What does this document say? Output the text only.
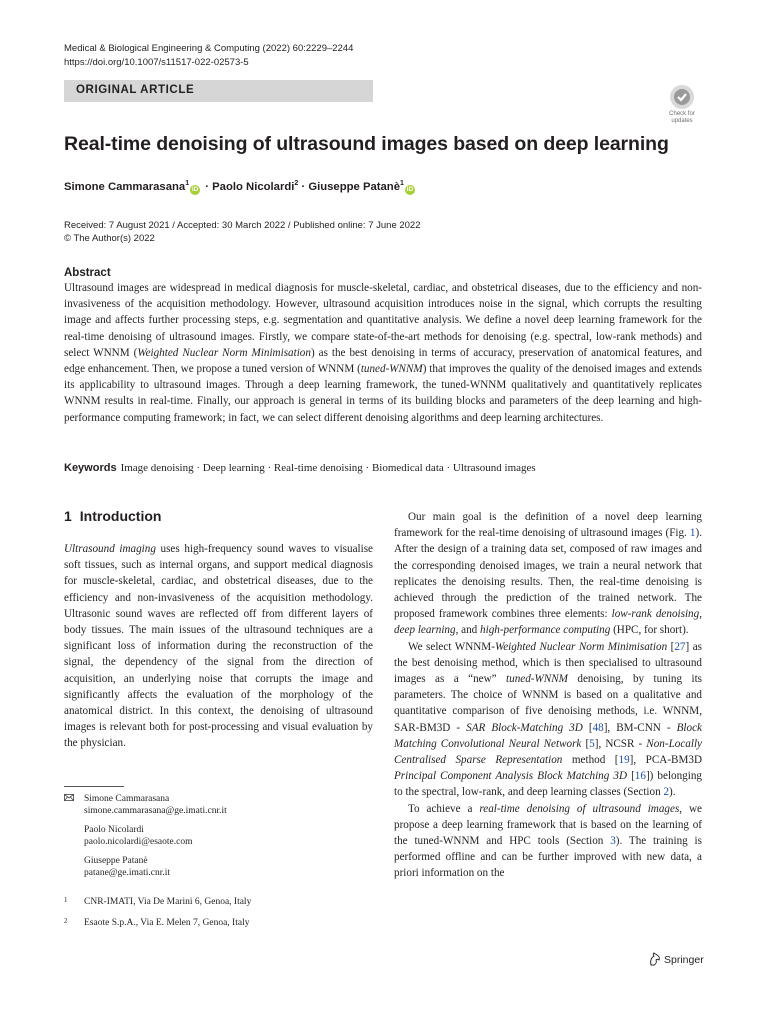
Medical & Biological Engineering & Computing (2022) 60:2229–2244
https://doi.org/10.1007/s11517-022-02573-5
ORIGINAL ARTICLE
Check for
updates
Real-time denoising of ultrasound images based on deep learning
Simone Cammarasana$^1$iD · Paolo Nicolardi$^2$ · Giuseppe Patanè$^1$iD
Received: 7 August 2021 / Accepted: 30 March 2022 / Published online: 7 June 2022
© The Author(s) 2022
Abstract
Ultrasound images are widespread in medical diagnosis for muscle-skeletal, cardiac, and obstetrical diseases, due to the efficiency and non-invasiveness of the acquisition methodology. However, ultrasound acquisition introduces noise in the signal, which corrupts the resulting image and affects further processing steps, e.g. segmentation and quantitative analysis. We define a novel deep learning framework for the real-time denoising of ultrasound images. Firstly, we compare state-of-the-art methods for denoising (e.g. spectral, low-rank methods) and select WNNM (Weighted Nuclear Norm Minimisation) as the best denoising in terms of accuracy, preservation of anatomical features, and edge enhancement. Then, we propose a tuned version of WNNM (tuned-WNNM) that improves the quality of the denoised images and extends its applicability to ultrasound images. Through a deep learning framework, the tuned-WNNM qualitatively and quantitatively replicates WNNM results in real-time. Finally, our approach is general in terms of its building blocks and parameters of the deep learning and high-performance computing framework; in fact, we can select different denoising algorithms and deep learning architectures.
Keywords Image denoising · Deep learning · Real-time denoising · Biomedical data · Ultrasound images
1 Introduction

Ultrasound imaging uses high-frequency sound waves to visualise soft tissues, such as internal organs, and support medical diagnosis for muscle-skeletal, cardiac, and obstetrical diseases, due to the efficiency and non-invasiveness of the acquisition methodology. Ultrasonic sound waves are reflected off from different layers of body tissues. The main issues of the ultrasound techniques are a significant loss of information during the reconstruction of the signal, the dependency of the signal from the direction of acquisition, an underlying noise that corrupts the image and significantly affects the evaluation of the morphology of the anatomical district. In this context, the denoising of ultrasound images is relevant both for post-processing and visual evaluation by the physician.

Our main goal is the definition of a novel deep learning framework for the real-time denoising of ultrasound images (Fig. 1). After the design of a training data set, composed of raw images and the corresponding denoised images, we train a neural network that replicates the denoising results. Then, the real-time denoising is achieved through the prediction of the trained network. The proposed framework combines three elements: low-rank denoising, deep learning, and high-performance computing (HPC, for short).

We select WNNM-Weighted Nuclear Norm Minimisation [27] as the best denoising method, which is then specialised to ultrasound images as a “new” tuned-WNNM denoising, by tuning its parameters. The choice of WNNM is based on a qualitative and quantitative comparison of five denoising methods, i.e. WNNM, SAR-BM3D - SAR Block-Matching 3D [48], BM-CNN - Block Matching Convolutional Neural Network [5], NCSR - Non-Locally Centralised Sparse Representation method [19], PCA-BM3D Principal Component Analysis Block Matching 3D [16]) belonging to the spectral, low-rank, and deep learning classes (Section 2).

To achieve a real-time denoising of ultrasound images, we propose a deep learning framework that is based on the learning of the tuned-WNNM and HPC tools (Section 3). The training is performed offline and can be further improved with new data, a priori information on the

Simone Cammarasana
simone.cammarasana@ge.imati.cnr.it
Paolo Nicolardi
paolo.nicolardi@esaote.com
Giuseppe Patanè
patane@ge.imati.cnr.it
1 CNR-IMATI, Via De Marini 6, Genoa, Italy
2 Esaote S.p.A., Via E. Melen 7, Genoa, Italy
Springer
